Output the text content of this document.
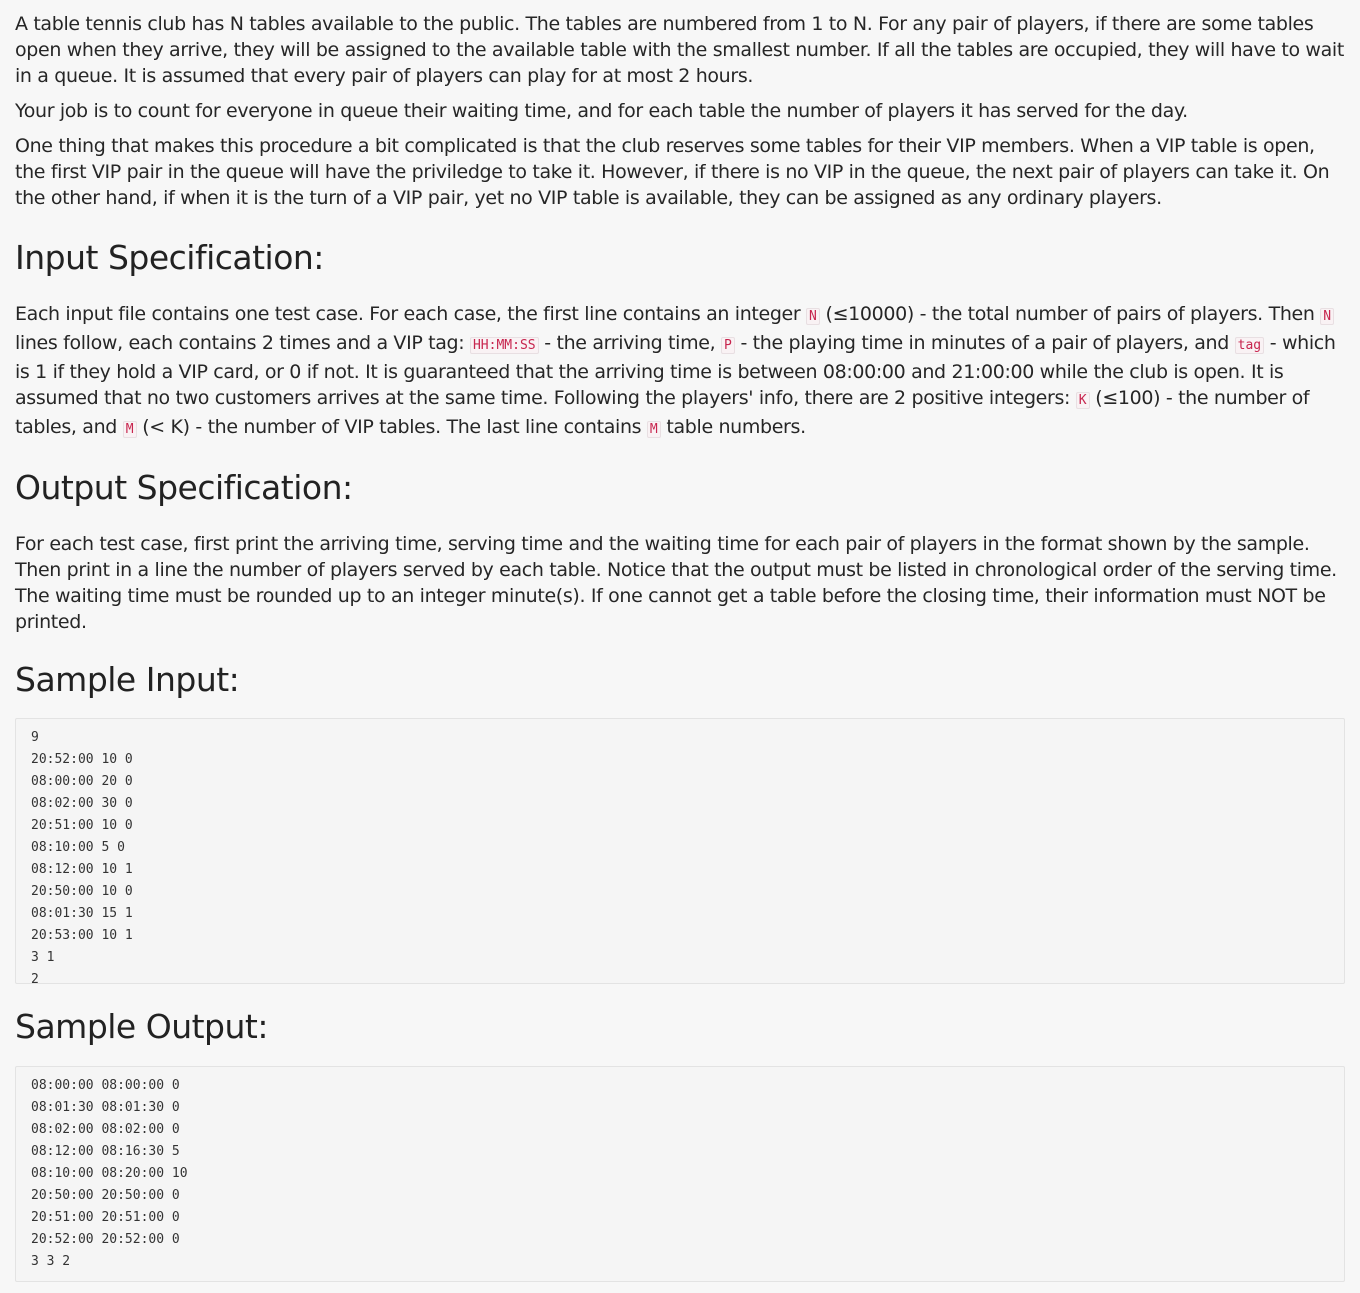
A table tennis club has N tables available to the public. The tables are numbered from 1 to N. For any pair of players, if there are some tables open when they arrive, they will be assigned to the available table with the smallest number. If all the tables are occupied, they will have to wait in a queue. It is assumed that every pair of players can play for at most 2 hours.

Your job is to count for everyone in queue their waiting time, and for each table the number of players it has served for the day.

One thing that makes this procedure a bit complicated is that the club reserves some tables for their VIP members. When a VIP table is open, the first VIP pair in the queue will have the priviledge to take it. However, if there is no VIP in the queue, the next pair of players can take it. On the other hand, if when it is the turn of a VIP pair, yet no VIP table is available, they can be assigned as any ordinary players.

Input Specification:

Each input file contains one test case. For each case, the first line contains an integer N (≤10000) - the total number of pairs of players. Then N lines follow, each contains 2 times and a VIP tag: HH:MM:SS - the arriving time, P - the playing time in minutes of a pair of players, and tag - which is 1 if they hold a VIP card, or 0 if not. It is guaranteed that the arriving time is between 08:00:00 and 21:00:00 while the club is open. It is assumed that no two customers arrives at the same time. Following the players' info, there are 2 positive integers: K (≤100) - the number of tables, and M (< K) - the number of VIP tables. The last line contains M table numbers.

Output Specification:

For each test case, first print the arriving time, serving time and the waiting time for each pair of players in the format shown by the sample. Then print in a line the number of players served by each table. Notice that the output must be listed in chronological order of the serving time. The waiting time must be rounded up to an integer minute(s). If one cannot get a table before the closing time, their information must NOT be printed.

Sample Input:
9
20:52:00 10 0
08:00:00 20 0
08:02:00 30 0
20:51:00 10 0
08:10:00 5 0
08:12:00 10 1
20:50:00 10 0
08:01:30 15 1
20:53:00 10 1
3 1
2
Sample Output:
08:00:00 08:00:00 0
08:01:30 08:01:30 0
08:02:00 08:02:00 0
08:12:00 08:16:30 5
08:10:00 08:20:00 10
20:50:00 20:50:00 0
20:51:00 20:51:00 0
20:52:00 20:52:00 0
3 3 2
